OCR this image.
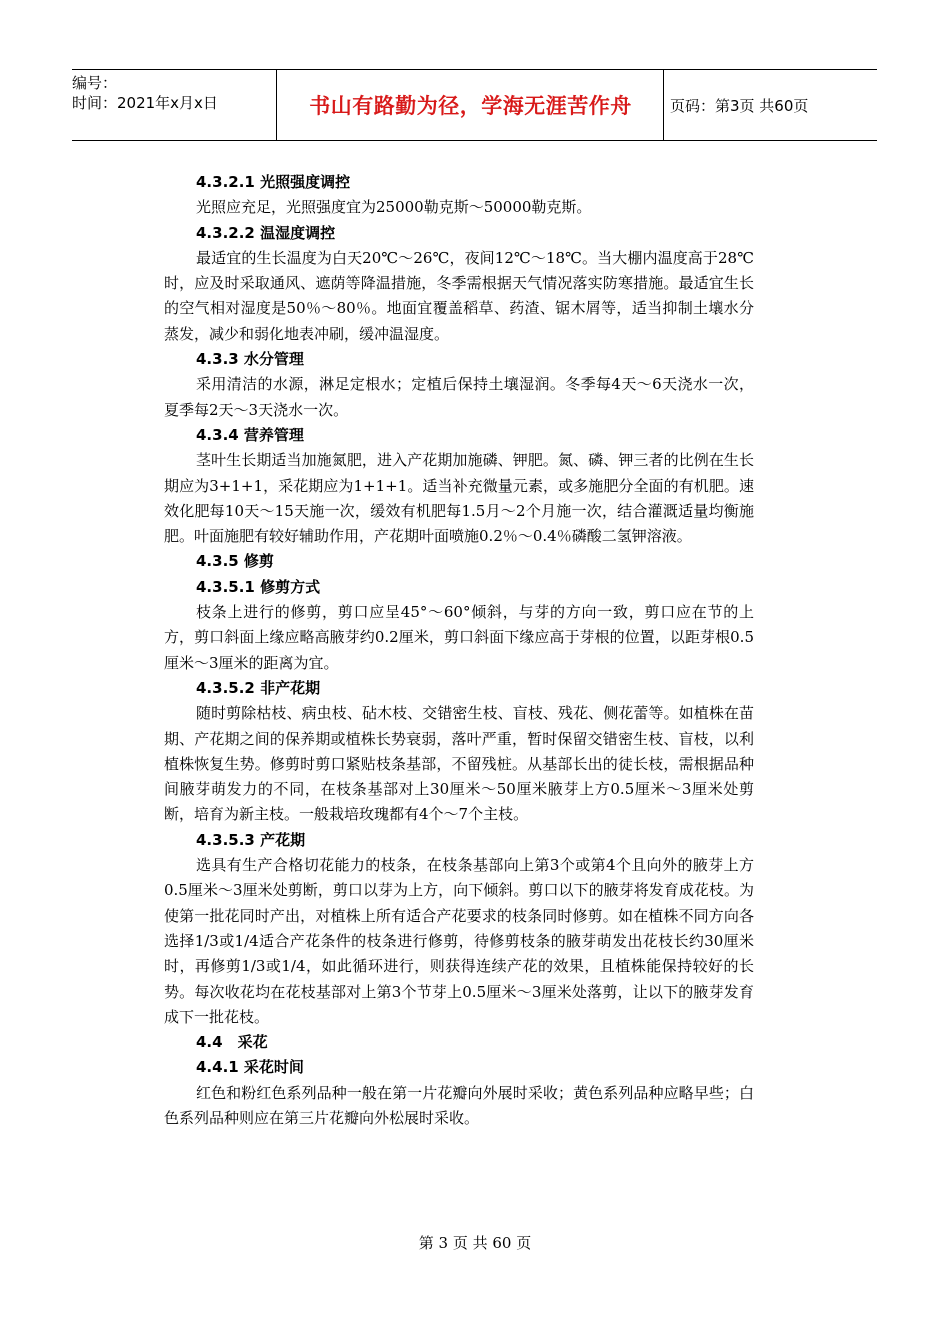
编号：
时间：2021年x月x日	书山有路勤为径，学海无涯苦作舟	页码：第3页 共60页
4.3.2.1 光照强度调控
光照应充足，光照强度宜为25000勒克斯～50000勒克斯。
4.3.2.2 温湿度调控
最适宜的生长温度为白天20℃～26℃，夜间12℃～18℃。当大棚内温度高于28℃时，应及时采取通风、遮荫等降温措施，冬季需根据天气情况落实防寒措施。最适宜生长的空气相对湿度是50％～80％。地面宜覆盖稻草、药渣、锯木屑等，适当抑制土壤水分蒸发，减少和弱化地表冲刷，缓冲温湿度。
4.3.3 水分管理
采用清洁的水源，淋足定根水；定植后保持土壤湿润。冬季每4天～6天浇水一次，夏季每2天～3天浇水一次。
4.3.4 营养管理
茎叶生长期适当加施氮肥，进入产花期加施磷、钾肥。氮、磷、钾三者的比例在生长期应为3+1+1，采花期应为1+1+1。适当补充微量元素，或多施肥分全面的有机肥。速效化肥每10天～15天施一次，缓效有机肥每1.5月～2个月施一次，结合灌溉适量均衡施肥。叶面施肥有较好辅助作用，产花期叶面喷施0.2％～0.4％磷酸二氢钾溶液。
4.3.5 修剪
4.3.5.1 修剪方式
枝条上进行的修剪，剪口应呈45°～60°倾斜，与芽的方向一致，剪口应在节的上方，剪口斜面上缘应略高腋芽约0.2厘米，剪口斜面下缘应高于芽根的位置，以距芽根0.5厘米～3厘米的距离为宜。
4.3.5.2 非产花期
随时剪除枯枝、病虫枝、砧木枝、交错密生枝、盲枝、残花、侧花蕾等。如植株在苗期、产花期之间的保养期或植株长势衰弱，落叶严重，暂时保留交错密生枝、盲枝，以利植株恢复生势。修剪时剪口紧贴枝条基部，不留残桩。从基部长出的徒长枝，需根据品种间腋芽萌发力的不同，在枝条基部对上30厘米～50厘米腋芽上方0.5厘米～3厘米处剪断，培育为新主枝。一般栽培玫瑰都有4个～7个主枝。
4.3.5.3 产花期
选具有生产合格切花能力的枝条，在枝条基部向上第3个或第4个且向外的腋芽上方0.5厘米～3厘米处剪断，剪口以芽为上方，向下倾斜。剪口以下的腋芽将发育成花枝。为使第一批花同时产出，对植株上所有适合产花要求的枝条同时修剪。如在植株不同方向各选择1/3或1/4适合产花条件的枝条进行修剪，待修剪枝条的腋芽萌发出花枝长约30厘米时，再修剪1/3或1/4，如此循环进行，则获得连续产花的效果，且植株能保持较好的长势。每次收花均在花枝基部对上第3个节芽上0.5厘米～3厘米处落剪，让以下的腋芽发育成下一批花枝。
4.4　采花
4.4.1 采花时间
红色和粉红色系列品种一般在第一片花瓣向外展时采收；黄色系列品种应略早些；白色系列品种则应在第三片花瓣向外松展时采收。
第 3 页 共 60 页
